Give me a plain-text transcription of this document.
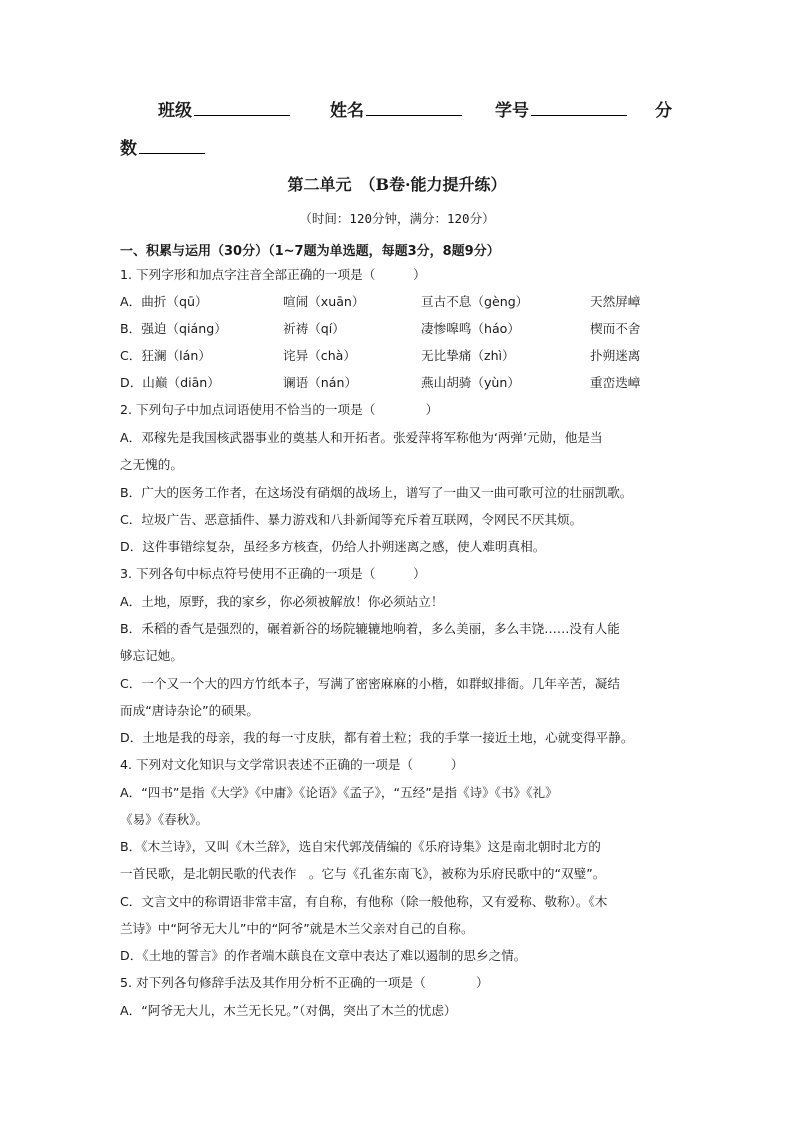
班级	姓名	学号	分
数
第二单元　（B卷·能力提升练）
（时间：120分钟，满分：120分）
一、积累与运用（30分）（1~7题为单选题，每题3分，8题9分）
1. 下列字形和加点字注音全部正确的一项是（　　　）
A．曲折（qū）	喧闹（xuān）	亘古不息（gèng）	天然屏嶂
B．强迫（qiáng）	祈祷（qí）	凄惨嗥鸣（háo）	楔而不舍
C．狂澜（lán）	诧异（chà）	无比挚痛（zhì）	扑朔迷离
D．山巅（diān）	谰语（nán）	燕山胡骑（yùn）	重峦迭嶂
2. 下列句子中加点词语使用不恰当的一项是（　　　　）
A．邓稼先是我国核武器事业的奠基人和开拓者。张爱萍将军称他为‘两弹’元勋，他是当
之无愧的。
B．广大的医务工作者，在这场没有硝烟的战场上，谱写了一曲又一曲可歌可泣的壮丽凯歌。
C．垃圾广告、恶意插件、暴力游戏和八卦新闻等充斥着互联网，令网民不厌其烦。
D．这件事错综复杂，虽经多方核查，仍给人扑朔迷离之感，使人难明真相。
3. 下列各句中标点符号使用不正确的一项是（　　　）
A．土地，原野，我的家乡，你必须被解放！你必须站立！
B．禾稻的香气是强烈的，碾着新谷的场院辘辘地响着，多么美丽，多么丰饶……没有人能
够忘记她。
C．一个又一个大的四方竹纸本子，写满了密密麻麻的小楷，如群蚁排衙。几年辛苦，凝结
而成“唐诗杂论”的硕果。
D．土地是我的母亲，我的每一寸皮肤，都有着土粒；我的手掌一接近土地，心就变得平静。
4. 下列对文化知识与文学常识表述不正确的一项是（　　　）
A．“四书”是指《大学》《中庸》《论语》《孟子》，“五经”是指《诗》《书》《礼》
《易》《春秋》。
B．《木兰诗》，又叫《木兰辞》，选自宋代郭茂倩编的《乐府诗集》这是南北朝时北方的
一首民歌，是北朝民歌的代表作　。它与《孔雀东南飞》，被称为乐府民歌中的“双璧”。
C．文言文中的称谓语非常丰富，有自称，有他称（除一般他称，又有爱称、敬称）。《木
兰诗》中“阿爷无大儿”中的“阿爷”就是木兰父亲对自己的自称。
D．《土地的誓言》的作者端木蕻良在文章中表达了难以遏制的思乡之情。
5. 对下列各句修辞手法及其作用分析不正确的一项是（　　　　）
A．“阿爷无大儿，木兰无长兄。”（对偶，突出了木兰的忧虑）
